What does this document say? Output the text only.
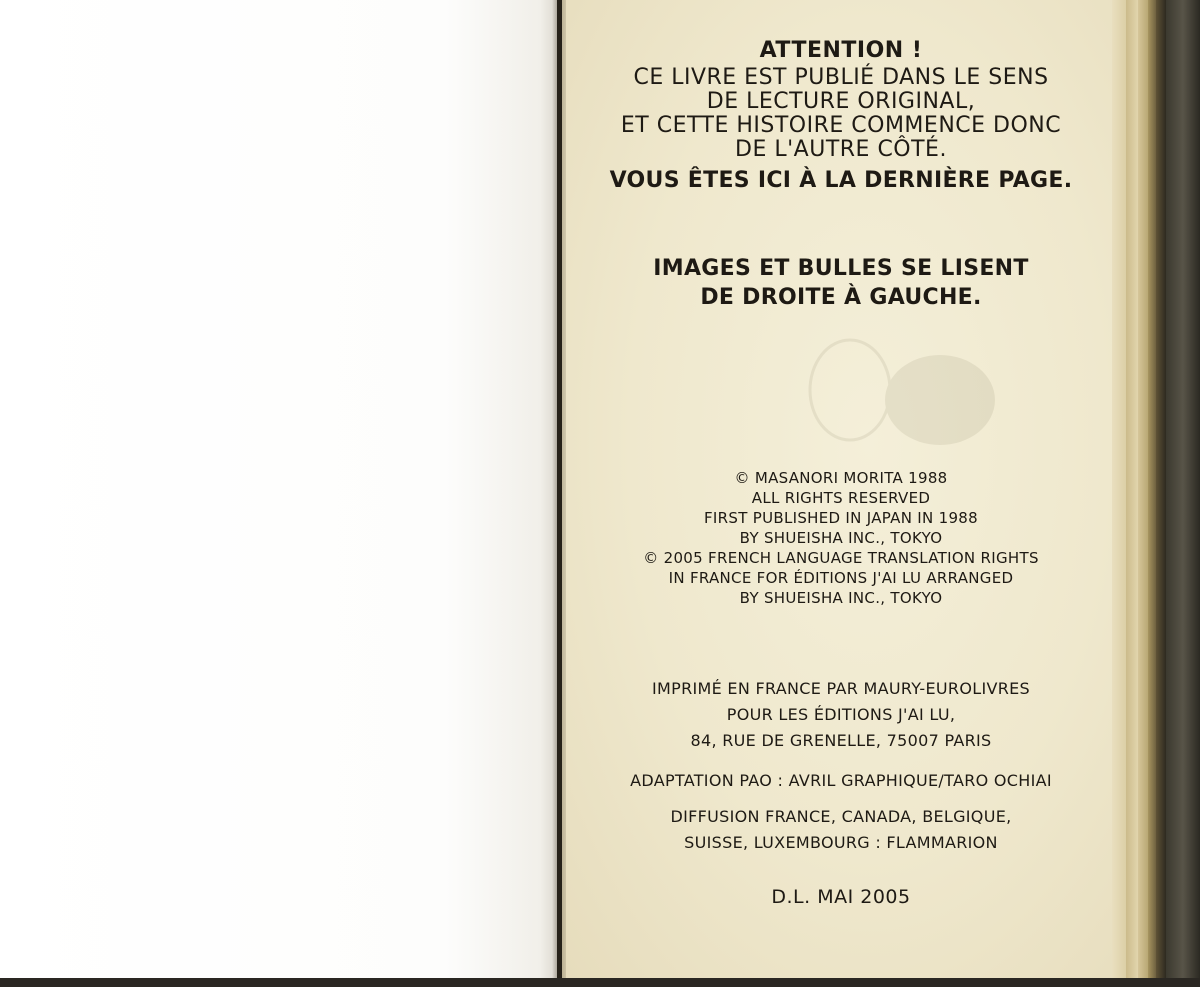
ATTENTION !
CE LIVRE EST PUBLIÉ DANS LE SENS
DE LECTURE ORIGINAL,
ET CETTE HISTOIRE COMMENCE DONC
DE L'AUTRE CÔTÉ.
VOUS ÊTES ICI À LA DERNIÈRE PAGE.
IMAGES ET BULLES SE LISENT
DE DROITE À GAUCHE.
© MASANORI MORITA 1988
ALL RIGHTS RESERVED
FIRST PUBLISHED IN JAPAN IN 1988
BY SHUEISHA INC., TOKYO
© 2005 FRENCH LANGUAGE TRANSLATION RIGHTS
IN FRANCE FOR ÉDITIONS J'AI LU ARRANGED
BY SHUEISHA INC., TOKYO
IMPRIMÉ EN FRANCE PAR MAURY-EUROLIVRES
POUR LES ÉDITIONS J'AI LU,
84, RUE DE GRENELLE, 75007 PARIS
ADAPTATION PAO : AVRIL GRAPHIQUE/TARO OCHIAI
DIFFUSION FRANCE, CANADA, BELGIQUE,
SUISSE, LUXEMBOURG : FLAMMARION
D.L. MAI 2005
